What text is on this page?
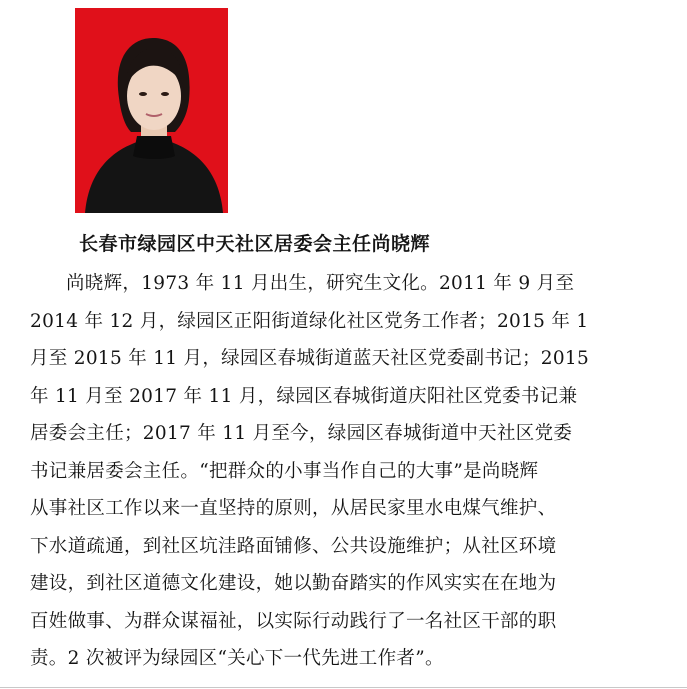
长春市绿园区中天社区居委会主任尚晓辉
尚晓辉，1973 年 11 月出生，研究生文化。2011 年 9 月至
2014 年 12 月，绿园区正阳街道绿化社区党务工作者；2015 年 1
月至 2015 年 11 月，绿园区春城街道蓝天社区党委副书记；2015
年 11 月至 2017 年 11 月，绿园区春城街道庆阳社区党委书记兼
居委会主任；2017 年 11 月至今，绿园区春城街道中天社区党委
书记兼居委会主任。“把群众的小事当作自己的大事”是尚晓辉
从事社区工作以来一直坚持的原则，从居民家里水电煤气维护、
下水道疏通，到社区坑洼路面铺修、公共设施维护；从社区环境
建设，到社区道德文化建设，她以勤奋踏实的作风实实在在地为
百姓做事、为群众谋福祉，以实际行动践行了一名社区干部的职
责。2 次被评为绿园区“关心下一代先进工作者”。
